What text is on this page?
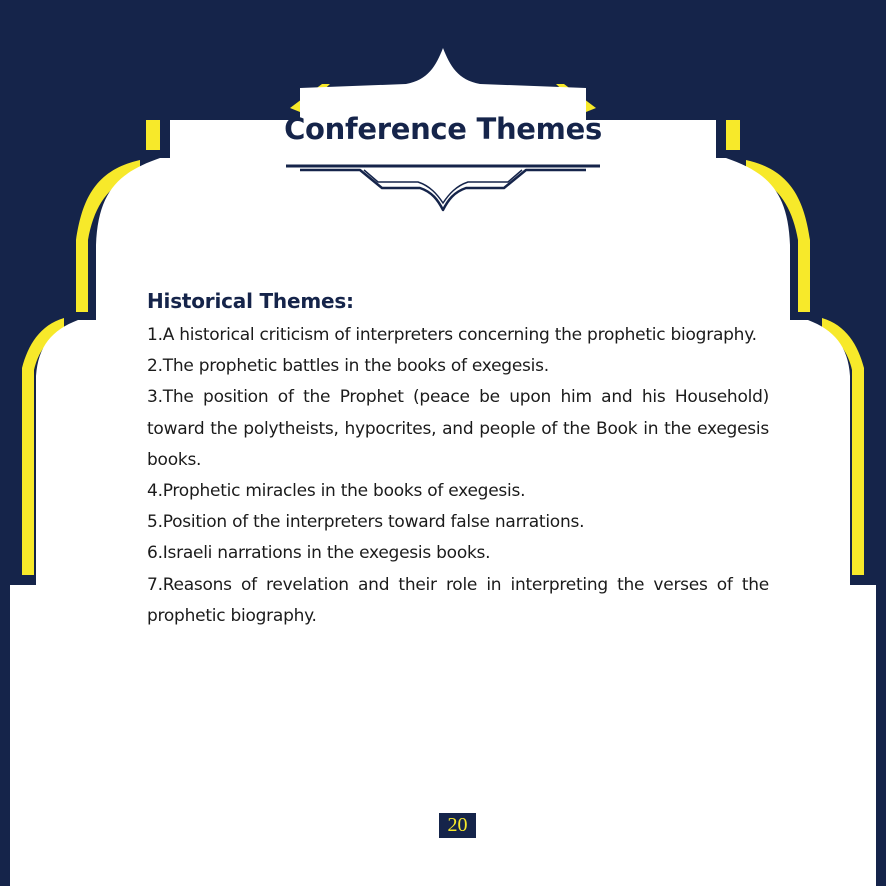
Conference Themes
Historical Themes:
1.A historical criticism of interpreters concerning the prophetic biography.
2.The prophetic battles in the books of exegesis.
3.The position of the Prophet (peace be upon him and his Household) toward the polytheists, hypocrites, and people of the Book in the exegesis books.
4.Prophetic miracles in the books of exegesis.
5.Position of the interpreters toward false narrations.
6.Israeli narrations in the exegesis books.
7.Reasons of revelation and their role in interpreting the verses of the prophetic biography.
20
